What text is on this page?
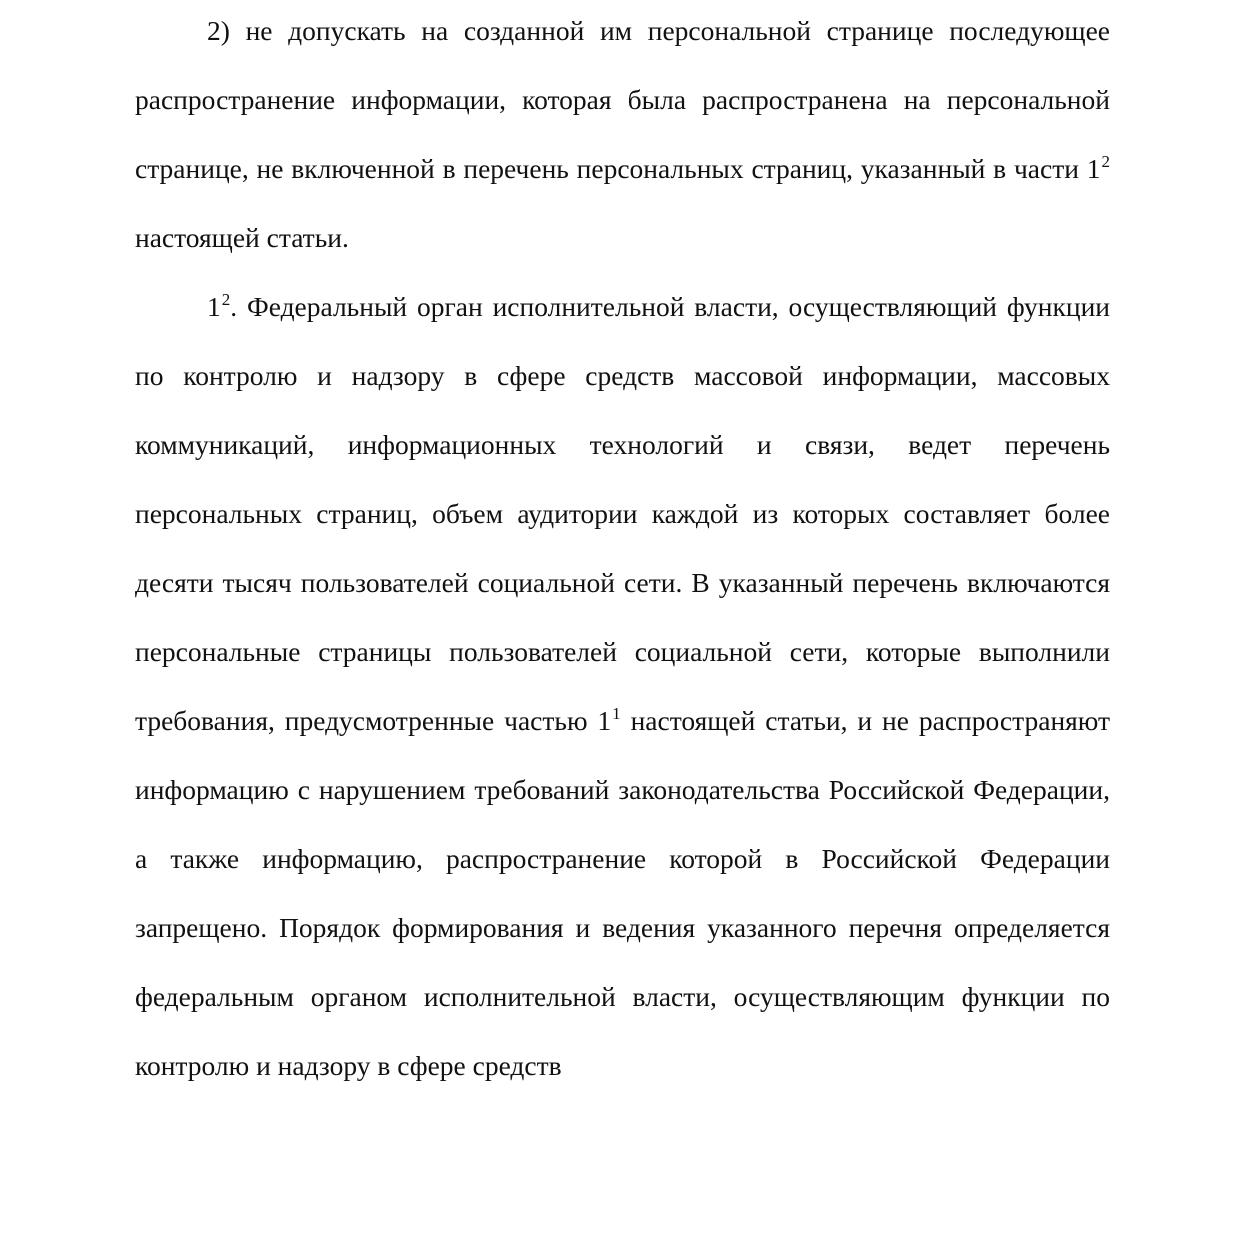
2) не допускать на созданной им персональной странице последующее распространение информации, которая была распространена на персональной странице, не включенной в перечень персональных страниц, указанный в части $1^2$ настоящей статьи.

$1^2$. Федеральный орган исполнительной власти, осуществляющий функции по контролю и надзору в сфере средств массовой информации, массовых коммуникаций, информационных технологий и связи, ведет перечень персональных страниц, объем аудитории каждой из которых составляет более десяти тысяч пользователей социальной сети. В указанный перечень включаются персональные страницы пользователей социальной сети, которые выполнили требования, предусмотренные частью $1^1$ настоящей статьи, и не распространяют информацию с нарушением требований законодательства Российской Федерации, а также информацию, распространение которой в Российской Федерации запрещено. Порядок формирования и ведения указанного перечня определяется федеральным органом исполнительной власти, осуществляющим функции по контролю и надзору в сфере средств
